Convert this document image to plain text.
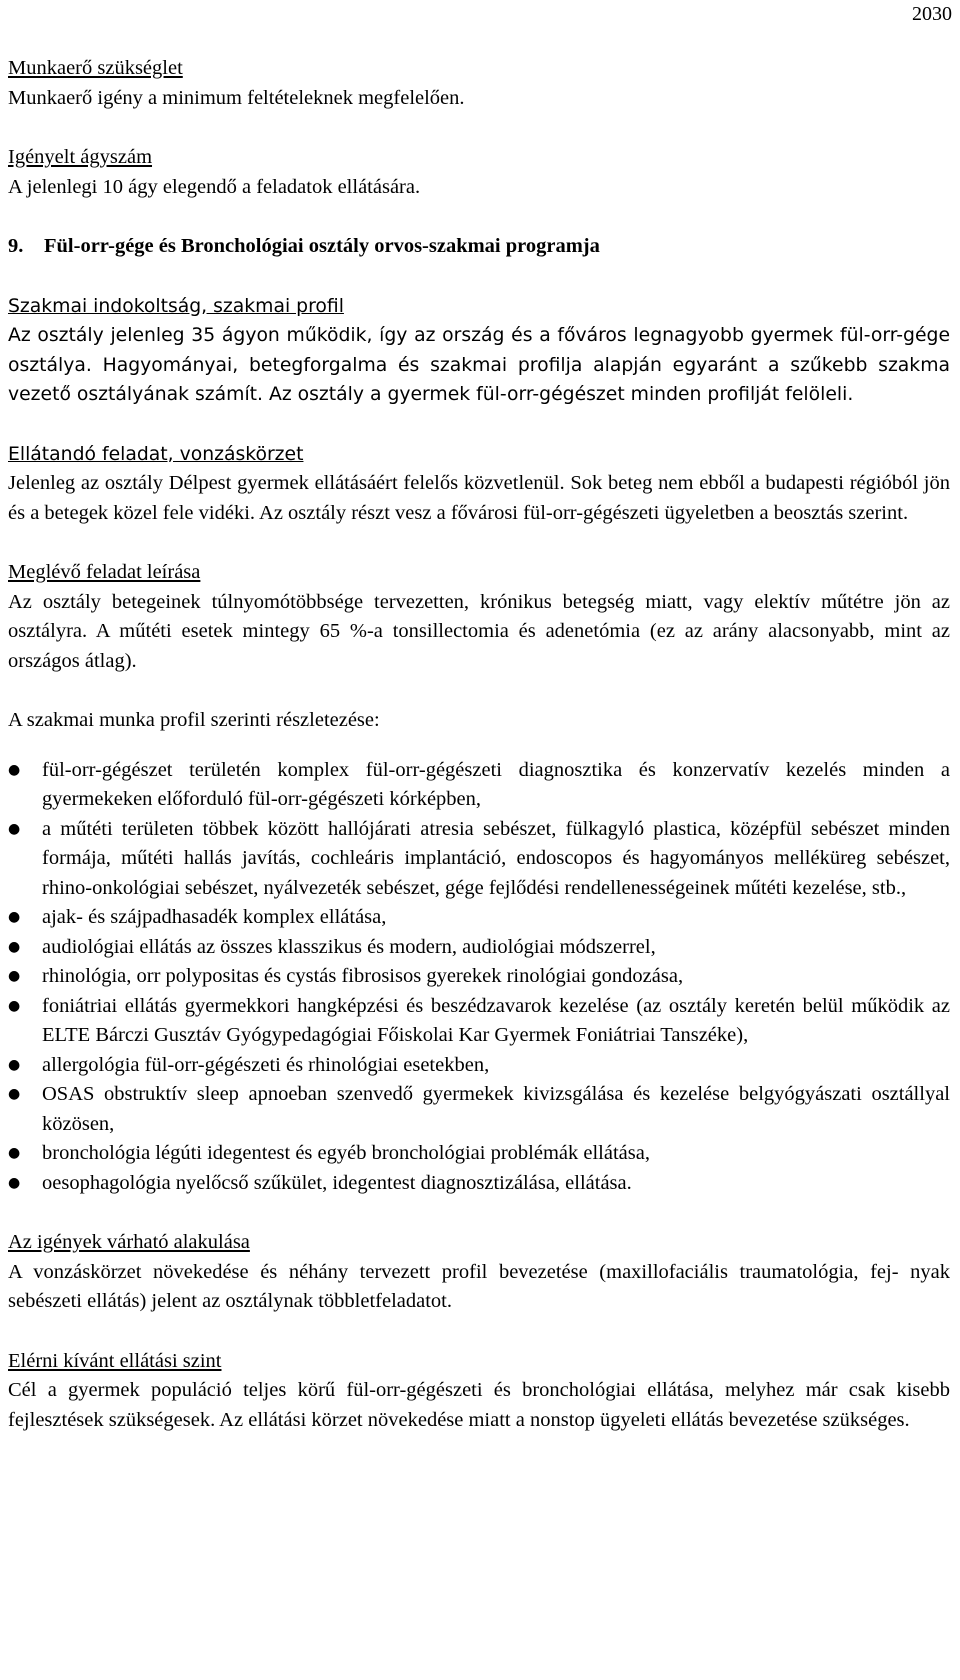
2030
Munkaerő szükséglet

Munkaerő igény a minimum feltételeknek megfelelően.

Igényelt ágyszám

A jelenlegi 10 ágy elegendő a feladatok ellátására.

9. Fül-orr-gége és Bronchológiai osztály orvos-szakmai programja
Szakmai indokoltság, szakmai profil

Az osztály jelenleg 35 ágyon működik, így az ország és a főváros legnagyobb gyermek fül-orr-gége osztálya. Hagyományai, betegforgalma és szakmai profilja alapján egyaránt a szűkebb szakma vezető osztályának számít. Az osztály a gyermek fül-orr-gégészet minden profilját felöleli.

Ellátandó feladat, vonzáskörzet

Jelenleg az osztály Délpest gyermek ellátásáért felelős közvetlenül. Sok beteg nem ebből a budapesti régióból jön és a betegek közel fele vidéki. Az osztály részt vesz a fővárosi fül-orr-gégészeti ügyeletben a beosztás szerint.

Meglévő feladat leírása

Az osztály betegeinek túlnyomótöbbsége tervezetten, krónikus betegség miatt, vagy elektív műtétre jön az osztályra. A műtéti esetek mintegy 65 %-a tonsillectomia és adenetómia (ez az arány alacsonyabb, mint az országos átlag).

A szakmai munka profil szerinti részletezése:
● fül-orr-gégészet területén komplex fül-orr-gégészeti diagnosztika és konzervatív kezelés minden a gyermekeken előforduló fül-orr-gégészeti kórképben,
● a műtéti területen többek között hallójárati atresia sebészet, fülkagyló plastica, középfül sebészet minden formája, műtéti hallás javítás, cochleáris implantáció, endoscopos és hagyományos melléküreg sebészet, rhino-onkológiai sebészet, nyálvezeték sebészet, gége fejlődési rendellenességeinek műtéti kezelése, stb.,
● ajak- és szájpadhasadék komplex ellátása,
● audiológiai ellátás az összes klasszikus és modern, audiológiai módszerrel,
● rhinológia, orr polypositas és cystás fibrosisos gyerekek rinológiai gondozása,
● foniátriai ellátás gyermekkori hangképzési és beszédzavarok kezelése (az osztály keretén belül működik az ELTE Bárczi Gusztáv Gyógypedagógiai Főiskolai Kar Gyermek Foniátriai Tanszéke),
● allergológia fül-orr-gégészeti és rhinológiai esetekben,
● OSAS obstruktív sleep apnoeban szenvedő gyermekek kivizsgálása és kezelése belgyógyászati osztállyal közösen,
● bronchológia légúti idegentest és egyéb bronchológiai problémák ellátása,
● oesophagológia nyelőcső szűkület, idegentest diagnosztizálása, ellátása.
Az igények várható alakulása

A vonzáskörzet növekedése és néhány tervezett profil bevezetése (maxillofaciális traumatológia, fej- nyak sebészeti ellátás) jelent az osztálynak többletfeladatot.

Elérni kívánt ellátási szint

Cél a gyermek populáció teljes körű fül-orr-gégészeti és bronchológiai ellátása, melyhez már csak kisebb fejlesztések szükségesek. Az ellátási körzet növekedése miatt a nonstop ügyeleti ellátás bevezetése szükséges.
